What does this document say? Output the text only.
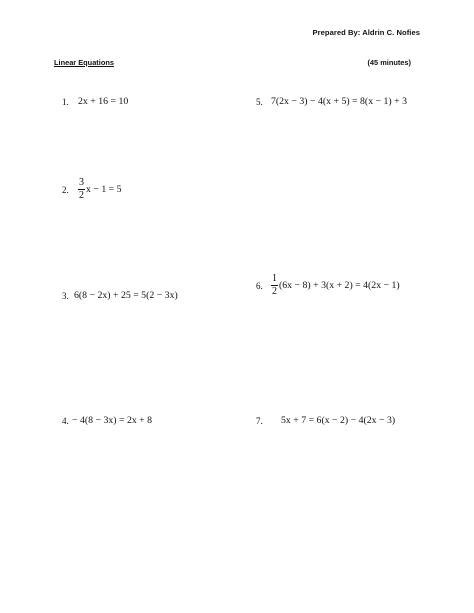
Prepared By: Aldrin C. Nofies
Linear Equations	(45 minutes)
1. 2x + 16 = 10	5. 7(2x − 3) − 4(x + 5) = 8(x − 1) + 3
2. $\frac{3}{2}$ x − 1 = 5
6. $\frac{1}{2} (6x - 8) + 3(x + 2) = 4(2x - 1)$
3. 6(8 − 2x) + 25 = 5(2 − 3x)
4. − 4(8 − 3x) = 2x + 8	7.	5x + 7 = 6(x − 2) − 4(2x − 3)
